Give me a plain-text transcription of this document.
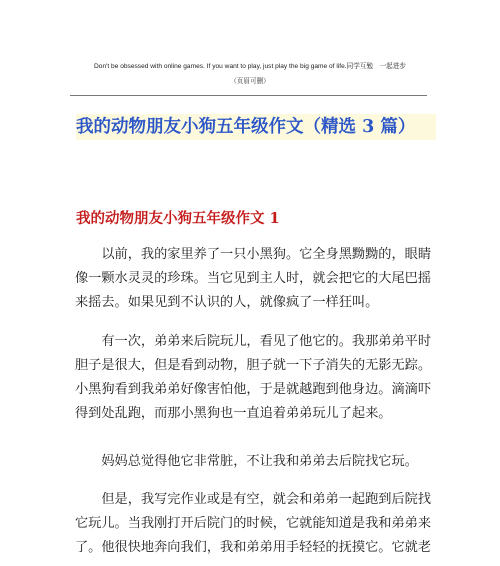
Don't be obsessed with online games. If you want to play, just play the big game of life.同学互勉　一起进步
（页眉可删）
我的动物朋友小狗五年级作文（精选 3 篇）
我的动物朋友小狗五年级作文 1
　　以前，我的家里养了一只小黑狗。它全身黑黝黝的，眼睛
像一颗水灵灵的珍珠。当它见到主人时，就会把它的大尾巴摇
来摇去。如果见到不认识的人，就像疯了一样狂叫。
　　有一次，弟弟来后院玩儿，看见了他它的。我那弟弟平时
胆子是很大，但是看到动物，胆子就一下子消失的无影无踪。
小黑狗看到我弟弟好像害怕他，于是就越跑到他身边。滴滴吓
得到处乱跑，而那小黑狗也一直追着弟弟玩儿了起来。
　　妈妈总觉得他它非常脏，不让我和弟弟去后院找它玩。
　　但是，我写完作业或是有空，就会和弟弟一起跑到后院找
它玩儿。当我刚打开后院门的时候，它就能知道是我和弟弟来
了。他很快地奔向我们，我和弟弟用手轻轻的抚摸它。它就老
